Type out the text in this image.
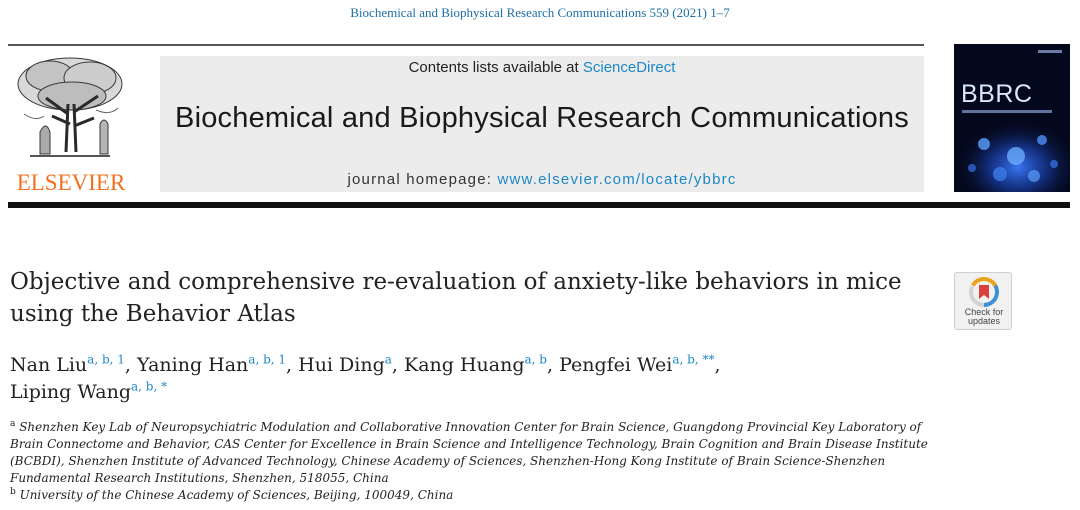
Biochemical and Biophysical Research Communications 559 (2021) 1–7
ELSEVIER
Contents lists available at ScienceDirect
Biochemical and Biophysical Research Communications
journal homepage: www.elsevier.com/locate/ybbrc
BBRC
Objective and comprehensive re-evaluation of anxiety-like behaviors in mice using the Behavior Atlas	Check for
updates
Nan Liu$^{a, b, 1}$, Yaning Han$^{a, b, 1}$, Hui Ding$^a$, Kang Huang$^{a, b}$, Pengfei Wei$^{a, b, **}$,
Liping Wang$^{a, b, *}$
$^a$ Shenzhen Key Lab of Neuropsychiatric Modulation and Collaborative Innovation Center for Brain Science, Guangdong Provincial Key Laboratory of Brain Connectome and Behavior, CAS Center for Excellence in Brain Science and Intelligence Technology, Brain Cognition and Brain Disease Institute (BCBDI), Shenzhen Institute of Advanced Technology, Chinese Academy of Sciences, Shenzhen-Hong Kong Institute of Brain Science-Shenzhen Fundamental Research Institutions, Shenzhen, 518055, China
$^b$ University of the Chinese Academy of Sciences, Beijing, 100049, China
